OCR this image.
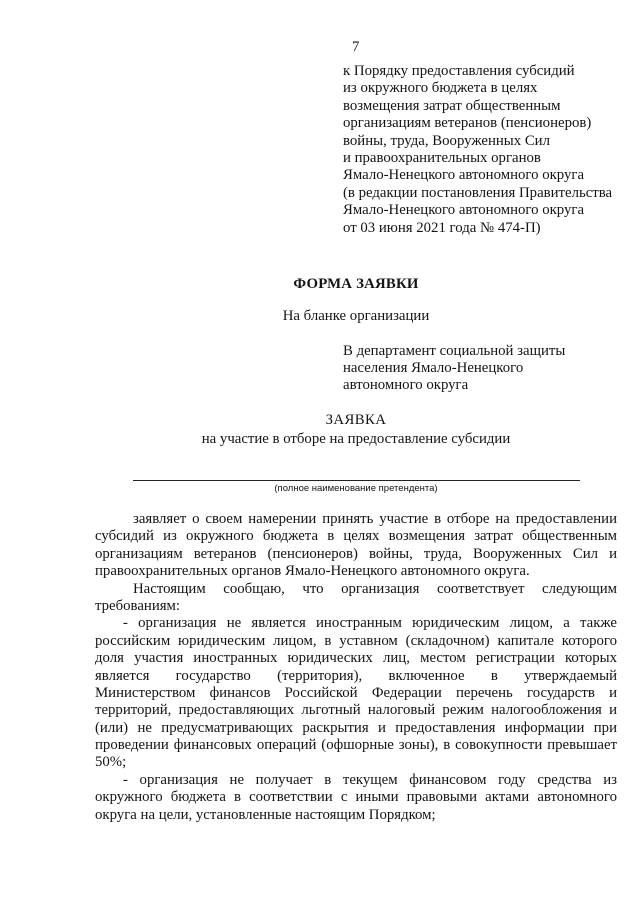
7
к Порядку предоставления субсидий
из окружного бюджета в целях
возмещения затрат общественным
организациям ветеранов (пенсионеров)
войны, труда, Вооруженных Сил
и правоохранительных органов
Ямало-Ненецкого автономного округа
(в редакции постановления Правительства
Ямало-Ненецкого автономного округа
от 03 июня 2021 года № 474-П)
ФОРМА ЗАЯВКИ
На бланке организации
В департамент социальной защиты
населения Ямало-Ненецкого
автономного округа
ЗАЯВКА
на участие в отборе на предоставление субсидии
(полное наименование претендента)
заявляет о своем намерении принять участие в отборе на предоставлении
субсидий из окружного бюджета в целях возмещения затрат общественным
организациям ветеранов (пенсионеров) войны, труда, Вооруженных Сил и
правоохранительных органов Ямало-Ненецкого автономного округа.
Настоящим сообщаю, что организация соответствует следующим
требованиям:
- организация не является иностранным юридическим лицом, а также
российским юридическим лицом, в уставном (складочном) капитале которого
доля участия иностранных юридических лиц, местом регистрации которых
является государство (территория), включенное в утверждаемый
Министерством финансов Российской Федерации перечень государств и
территорий, предоставляющих льготный налоговый режим налогообложения и
(или) не предусматривающих раскрытия и предоставления информации при
проведении финансовых операций (офшорные зоны), в совокупности превышает
50%;
- организация не получает в текущем финансовом году средства из
окружного бюджета в соответствии с иными правовыми актами автономного
округа на цели, установленные настоящим Порядком;
